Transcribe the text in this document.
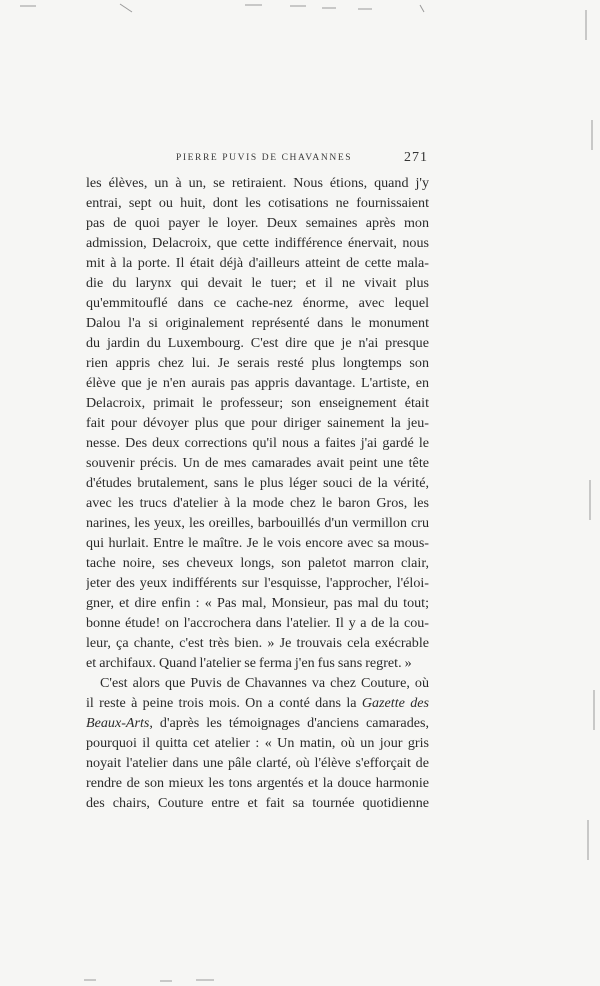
PIERRE PUVIS DE CHAVANNES	271
les élèves, un à un, se retiraient. Nous étions, quand j'y
entrai, sept ou huit, dont les cotisations ne fournissaient
pas de quoi payer le loyer. Deux semaines après mon
admission, Delacroix, que cette indifférence énervait, nous
mit à la porte. Il était déjà d'ailleurs atteint de cette mala-
die du larynx qui devait le tuer; et il ne vivait plus
qu'emmitouflé dans ce cache-nez énorme, avec lequel
Dalou l'a si originalement représenté dans le monument
du jardin du Luxembourg. C'est dire que je n'ai presque
rien appris chez lui. Je serais resté plus longtemps son
élève que je n'en aurais pas appris davantage. L'artiste, en
Delacroix, primait le professeur; son enseignement était
fait pour dévoyer plus que pour diriger sainement la jeu-
nesse. Des deux corrections qu'il nous a faites j'ai gardé le
souvenir précis. Un de mes camarades avait peint une tête
d'études brutalement, sans le plus léger souci de la vérité,
avec les trucs d'atelier à la mode chez le baron Gros, les
narines, les yeux, les oreilles, barbouillés d'un vermillon cru
qui hurlait. Entre le maître. Je le vois encore avec sa mous-
tache noire, ses cheveux longs, son paletot marron clair,
jeter des yeux indifférents sur l'esquisse, l'approcher, l'éloi-
gner, et dire enfin : « Pas mal, Monsieur, pas mal du tout;
bonne étude! on l'accrochera dans l'atelier. Il y a de la cou-
leur, ça chante, c'est très bien. » Je trouvais cela exécrable
et archifaux. Quand l'atelier se ferma j'en fus sans regret. »
C'est alors que Puvis de Chavannes va chez Couture, où
il reste à peine trois mois. On a conté dans la Gazette des
Beaux-Arts, d'après les témoignages d'anciens camarades,
pourquoi il quitta cet atelier : « Un matin, où un jour gris
noyait l'atelier dans une pâle clarté, où l'élève s'efforçait de
rendre de son mieux les tons argentés et la douce harmonie
des chairs, Couture entre et fait sa tournée quotidienne
